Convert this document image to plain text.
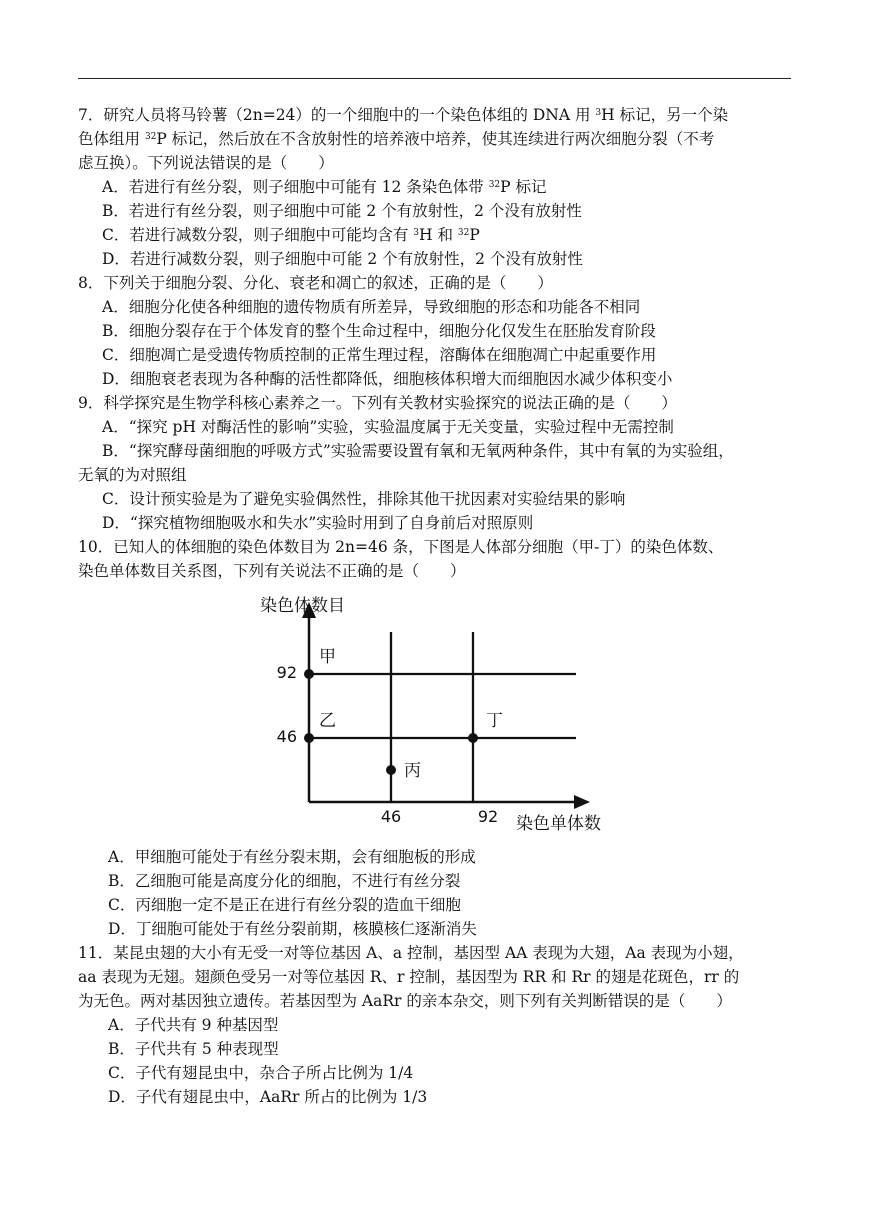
7．研究人员将马铃薯（2n=24）的一个细胞中的一个染色体组的 DNA 用 $^3$H 标记，另一个染
色体组用 $^{32}$P 标记，然后放在不含放射性的培养液中培养，使其连续进行两次细胞分裂（不考
虑互换）。下列说法错误的是（　　）
A．若进行有丝分裂，则子细胞中可能有 12 条染色体带 $^{32}$P 标记
B．若进行有丝分裂，则子细胞中可能 2 个有放射性，2 个没有放射性
C．若进行减数分裂，则子细胞中可能均含有 $^3$H 和 $^{32}$P
D．若进行减数分裂，则子细胞中可能 2 个有放射性，2 个没有放射性
8．下列关于细胞分裂、分化、衰老和凋亡的叙述，正确的是（　　）
A．细胞分化使各种细胞的遗传物质有所差异，导致细胞的形态和功能各不相同
B．细胞分裂存在于个体发育的整个生命过程中，细胞分化仅发生在胚胎发育阶段
C．细胞凋亡是受遗传物质控制的正常生理过程，溶酶体在细胞凋亡中起重要作用
D．细胞衰老表现为各种酶的活性都降低，细胞核体积增大而细胞因水减少体积变小
9．科学探究是生物学科核心素养之一。下列有关教材实验探究的说法正确的是（　　）
A．“探究 pH 对酶活性的影响”实验，实验温度属于无关变量，实验过程中无需控制
B．“探究酵母菌细胞的呼吸方式”实验需要设置有氧和无氧两种条件，其中有氧的为实验组，
无氧的为对照组
C．设计预实验是为了避免实验偶然性，排除其他干扰因素对实验结果的影响
D．“探究植物细胞吸水和失水”实验时用到了自身前后对照原则
10．已知人的体细胞的染色体数目为 2n=46 条，下图是人体部分细胞（甲-丁）的染色体数、
染色单体数目关系图，下列有关说法不正确的是（　　）
染色体数目
染色单体数
46	92
92
46
甲
乙
丙
丁
A．甲细胞可能处于有丝分裂末期，会有细胞板的形成
B．乙细胞可能是高度分化的细胞，不进行有丝分裂
C．丙细胞一定不是正在进行有丝分裂的造血干细胞
D．丁细胞可能处于有丝分裂前期，核膜核仁逐渐消失
11．某昆虫翅的大小有无受一对等位基因 A、a 控制，基因型 AA 表现为大翅，Aa 表现为小翅，
aa 表现为无翅。翅颜色受另一对等位基因 R、r 控制，基因型为 RR 和 Rr 的翅是花斑色，rr 的
为无色。两对基因独立遗传。若基因型为 AaRr 的亲本杂交，则下列有关判断错误的是（　　）
A．子代共有 9 种基因型
B．子代共有 5 种表现型
C．子代有翅昆虫中，杂合子所占比例为 1/4
D．子代有翅昆虫中，AaRr 所占的比例为 1/3
